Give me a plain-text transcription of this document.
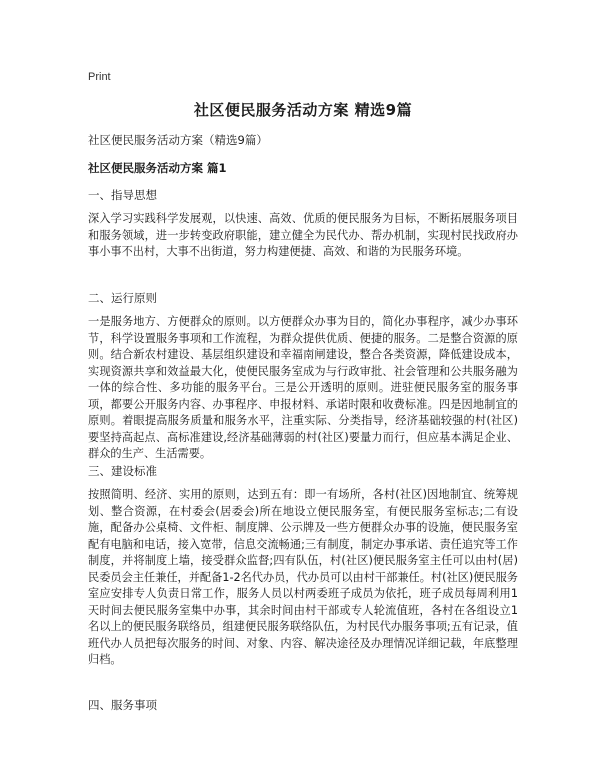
Print
社区便民服务活动方案 精选9篇
社区便民服务活动方案（精选9篇）
社区便民服务活动方案 篇1
一、指导思想
深入学习实践科学发展观，以快速、高效、优质的便民服务为目标，不断拓展服务项目和服务领域，进一步转变政府职能，建立健全为民代办、帮办机制，实现村民找政府办事小事不出村，大事不出街道，努力构建便捷、高效、和谐的为民服务环境。
二、运行原则
一是服务地方、方便群众的原则。以方便群众办事为目的，简化办事程序，减少办事环节，科学设置服务事项和工作流程，为群众提供优质、便捷的服务。二是整合资源的原则。结合新农村建设、基层组织建设和幸福南闸建设，整合各类资源，降低建设成本，实现资源共享和效益最大化，使便民服务室成为与行政审批、社会管理和公共服务融为一体的综合性、多功能的服务平台。三是公开透明的原则。进驻便民服务室的服务事项，都要公开服务内容、办事程序、申报材料、承诺时限和收费标准。四是因地制宜的原则。着眼提高服务质量和服务水平，注重实际、分类指导，经济基础较强的村(社区)要坚持高起点、高标准建设,经济基础薄弱的村(社区)要量力而行，但应基本满足企业、群众的生产、生活需要。
三、建设标准
按照简明、经济、实用的原则，达到五有：即一有场所，各村(社区)因地制宜、统筹规划、整合资源，在村委会(居委会)所在地设立便民服务室，有便民服务室标志;二有设施，配备办公桌椅、文件柜、制度牌、公示牌及一些方便群众办事的设施，便民服务室配有电脑和电话，接入宽带，信息交流畅通;三有制度，制定办事承诺、责任追究等工作制度，并将制度上墙，接受群众监督;四有队伍，村(社区)便民服务室主任可以由村(居)民委员会主任兼任，并配备1-2名代办员，代办员可以由村干部兼任。村(社区)便民服务室应安排专人负责日常工作，服务人员以村两委班子成员为依托，班子成员每周利用1天时间去便民服务室集中办事，其余时间由村干部或专人轮流值班，各村在各组设立1名以上的便民服务联络员，组建便民服务联络队伍，为村民代办服务事项;五有记录，值班代办人员把每次服务的时间、对象、内容、解决途径及办理情况详细记载，年底整理归档。
四、服务事项
